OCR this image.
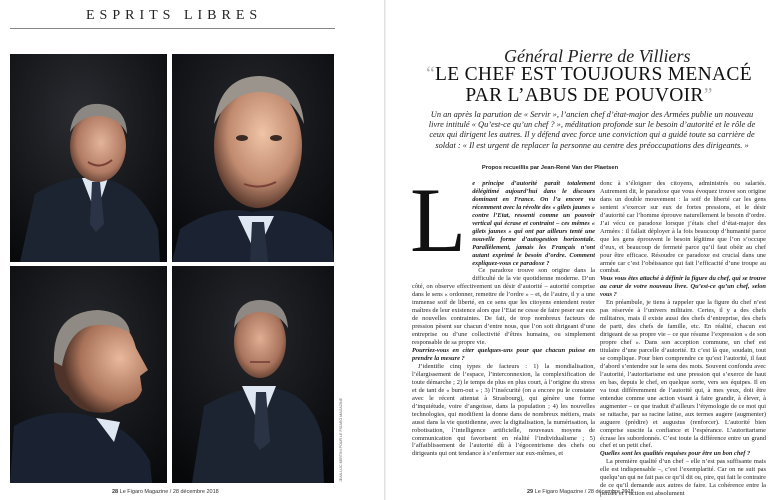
ESPRITS LIBRES
JEAN-LUC BERTINI POUR LE FIGARO MAGAZINE
28 Le Figaro Magazine / 28 décembre 2018
Général Pierre de Villiers
“LE CHEF EST TOUJOURS MENACÉ PAR L’ABUS DE POUVOIR”
Un an après la parution de « Servir », l’ancien chef d’état-major des Armées publie un nouveau livre intitulé « Qu’est-ce qu’un chef ? », méditation profonde sur le besoin d’autorité et le rôle de ceux qui dirigent les autres. Il y défend avec force une conviction qui a guidé toute sa carrière de soldat : « Il est urgent de replacer la personne au centre des préoccupations des dirigeants. »
Propos recueillis par Jean-René Van der Plaetsen
L e principe d’autorité paraît totalement délégitimé aujourd’hui dans le discours dominant en France. On l’a encore vu récemment avec la révolte des « gilets jaunes » contre l’Etat, ressenti comme un pouvoir vertical qui écrase et contraint – ces mêmes « gilets jaunes » qui ont par ailleurs tenté une nouvelle forme d’autogestion horizontale. Parallèlement, jamais les Français n’ont autant exprimé le besoin d’ordre. Comment expliquez-vous ce paradoxe ?

Ce paradoxe trouve son origine dans la difficulté de la vie quotidienne moderne. D’un côté, on observe effectivement un désir d’autorité – autorité comprise dans le sens « ordonner, remettre de l’ordre » – et, de l’autre, il y a une immense soif de liberté, en ce sens que les citoyens entendent rester maîtres de leur existence alors que l’Etat ne cesse de faire peser sur eux de nouvelles contraintes. De fait, de trop nombreux facteurs de pression pèsent sur chacun d’entre nous, que l’on soit dirigeant d’une entreprise ou d’une collectivité d’êtres humains, ou simplement responsable de sa propre vie.

Pourriez-vous en citer quelques-uns pour que chacun puisse en prendre la mesure ?

J’identifie cinq types de facteurs : 1) la mondialisation, l’élargissement de l’espace, l’interconnexion, la complexification de toute démarche ; 2) le temps de plus en plus court, à l’origine du stress et de tant de « burn-out » ; 3) l’insécurité (on a encore pu le constater avec le récent attentat à Strasbourg), qui génère une forme d’inquiétude, voire d’angoisse, dans la population ; 4) les nouvelles technologies, qui modifient la donne dans de nombreux métiers, mais aussi dans la vie quotidienne, avec la digitalisation, la numérisation, la robotisation, l’intelligence artificielle, nouveaux moyens de communication qui favorisent en réalité l’individualisme ; 5) l’affaiblissement de l’autorité dû à l’égocentrisme des chefs ou dirigeants qui ont tendance à s’enfermer sur eux-mêmes, et

donc à s’éloigner des citoyens, administrés ou salariés. Autrement dit, le paradoxe que vous évoquez trouve son origine dans un double mouvement : la soif de liberté car les gens sentent s’exercer sur eux de fortes pressions, et le désir d’autorité car l’homme éprouve naturellement le besoin d’ordre. J’ai vécu ce paradoxe lorsque j’étais chef d’état-major des Armées : il fallait déployer à la fois beaucoup d’humanité parce que les gens éprouvent le besoin légitime que l’on s’occupe d’eux, et beaucoup de fermeté parce qu’il faut obéir au chef pour être efficace. Résoudre ce paradoxe est crucial dans une armée car c’est l’obéissance qui fait l’efficacité d’une troupe au combat.

Vous vous êtes attaché à définir la figure du chef, qui se trouve au cœur de votre nouveau livre. Qu’est-ce qu’un chef, selon vous ?

En préambule, je tiens à rappeler que la figure du chef n’est pas réservée à l’univers militaire. Certes, il y a des chefs militaires, mais il existe aussi des chefs d’entreprise, des chefs de parti, des chefs de famille, etc. En réalité, chacun est dirigeant de sa propre vie – ce que résume l’expression « de son propre chef ». Dans son acception commune, un chef est titulaire d’une parcelle d’autorité. Et c’est là que, soudain, tout se complique. Pour bien comprendre ce qu’est l’autorité, il faut d’abord s’entendre sur le sens des mots. Souvent confondu avec l’autorité, l’autoritarisme est une pression qui s’exerce de haut en bas, depuis le chef, en quelque sorte, vers ses équipes. Il en va tout différemment de l’autorité qui, à mes yeux, doit être entendue comme une action visant à faire grandir, à élever, à augmenter – ce que traduit d’ailleurs l’étymologie de ce mot qui se rattache, par sa racine latine, aux termes augere (augmenter) auguere (prédire) et augustus (renforcer). L’autorité bien comprise suscite la confiance et l’espérance. L’autoritarisme écrase les subordonnés. C’est toute la différence entre un grand chef et un petit chef.

Quelles sont les qualités requises pour être un bon chef ?

La première qualité d’un chef – elle n’est pas suffisante mais elle est indispensable –, c’est l’exemplarité. Car on ne suit pas quelqu’un qui ne fait pas ce qu’il dit ou, pire, qui fait le contraire de ce qu’il demande aux autres de faire. La cohérence entre la pensée et l’action est absolument

29 Le Figaro Magazine / 28 décembre 2018
